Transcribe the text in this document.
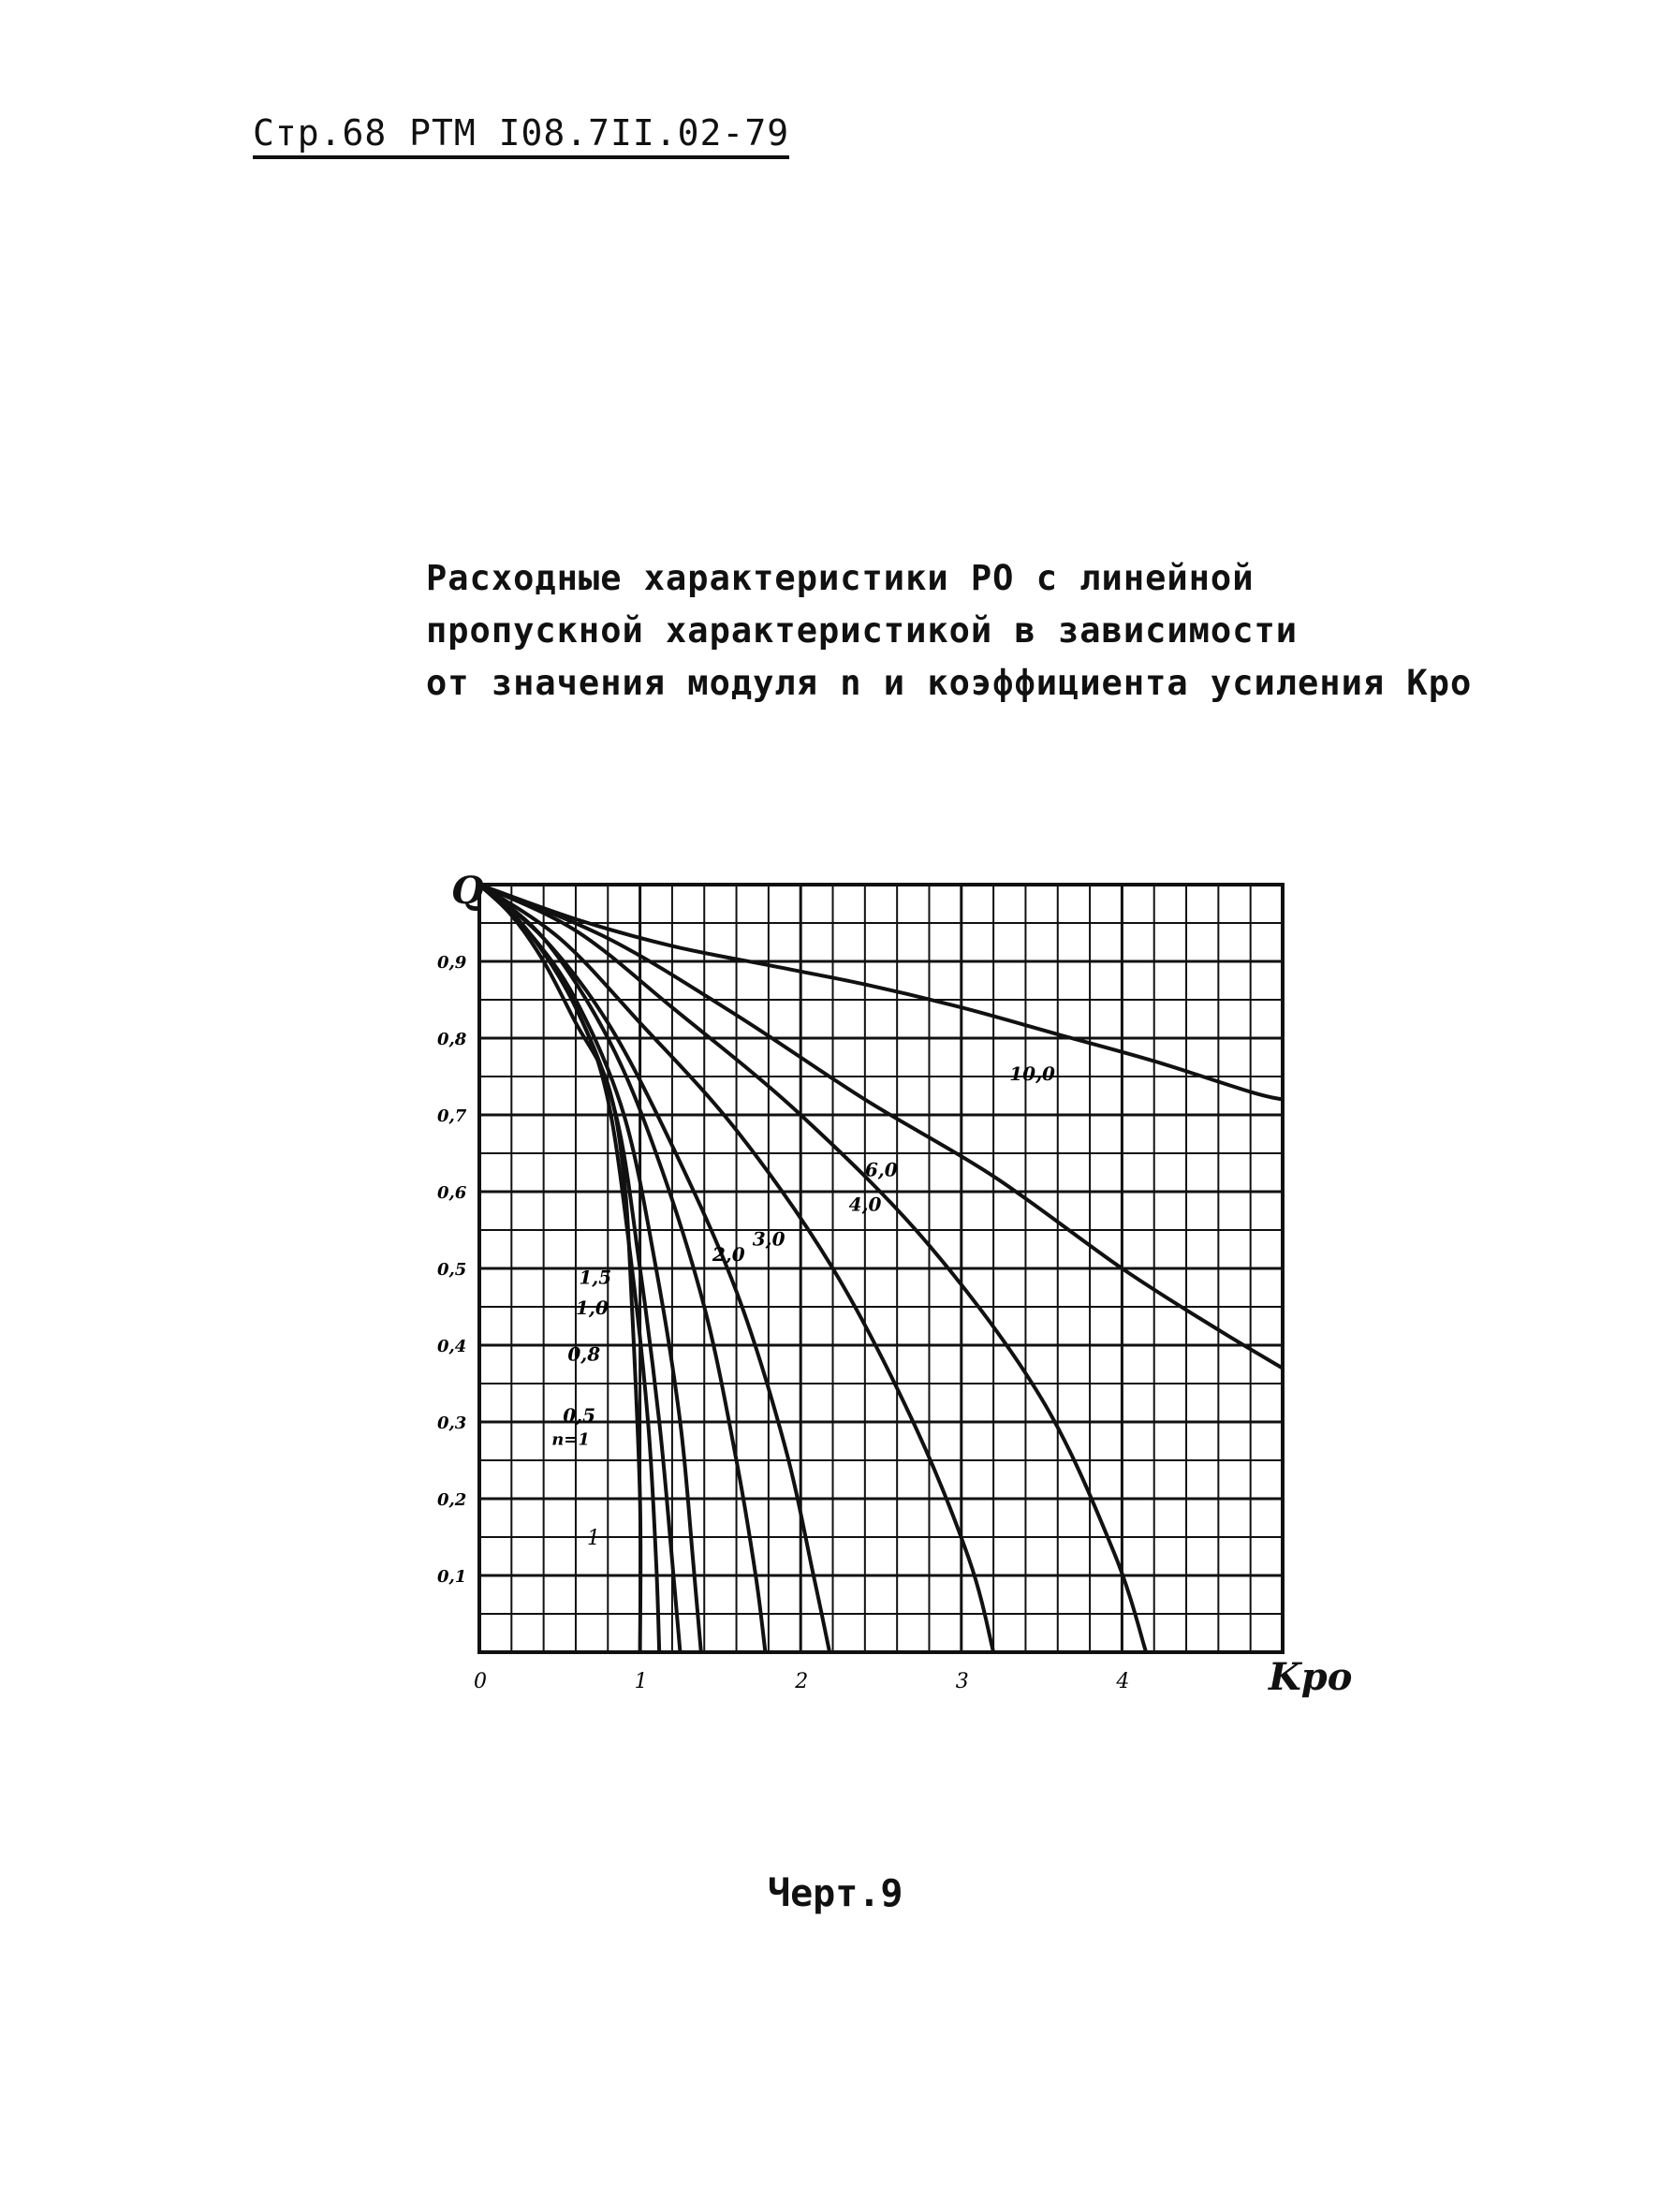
Стр.68 РТМ I08.7II.02-79
Расходные характеристики РО с линейной
пропускной характеристикой в зависимости
от значения модуля n и коэффициента усиления Kро
0	1	2	3	4
0,1
0,2
0,3
0,4
0,5
0,6
0,7
0,8
0,9
0,5
0,8
1,0
1,5
2,0
3,0
4,0
6,0
10,0
n=1
1
Q
Kро
Черт.9
